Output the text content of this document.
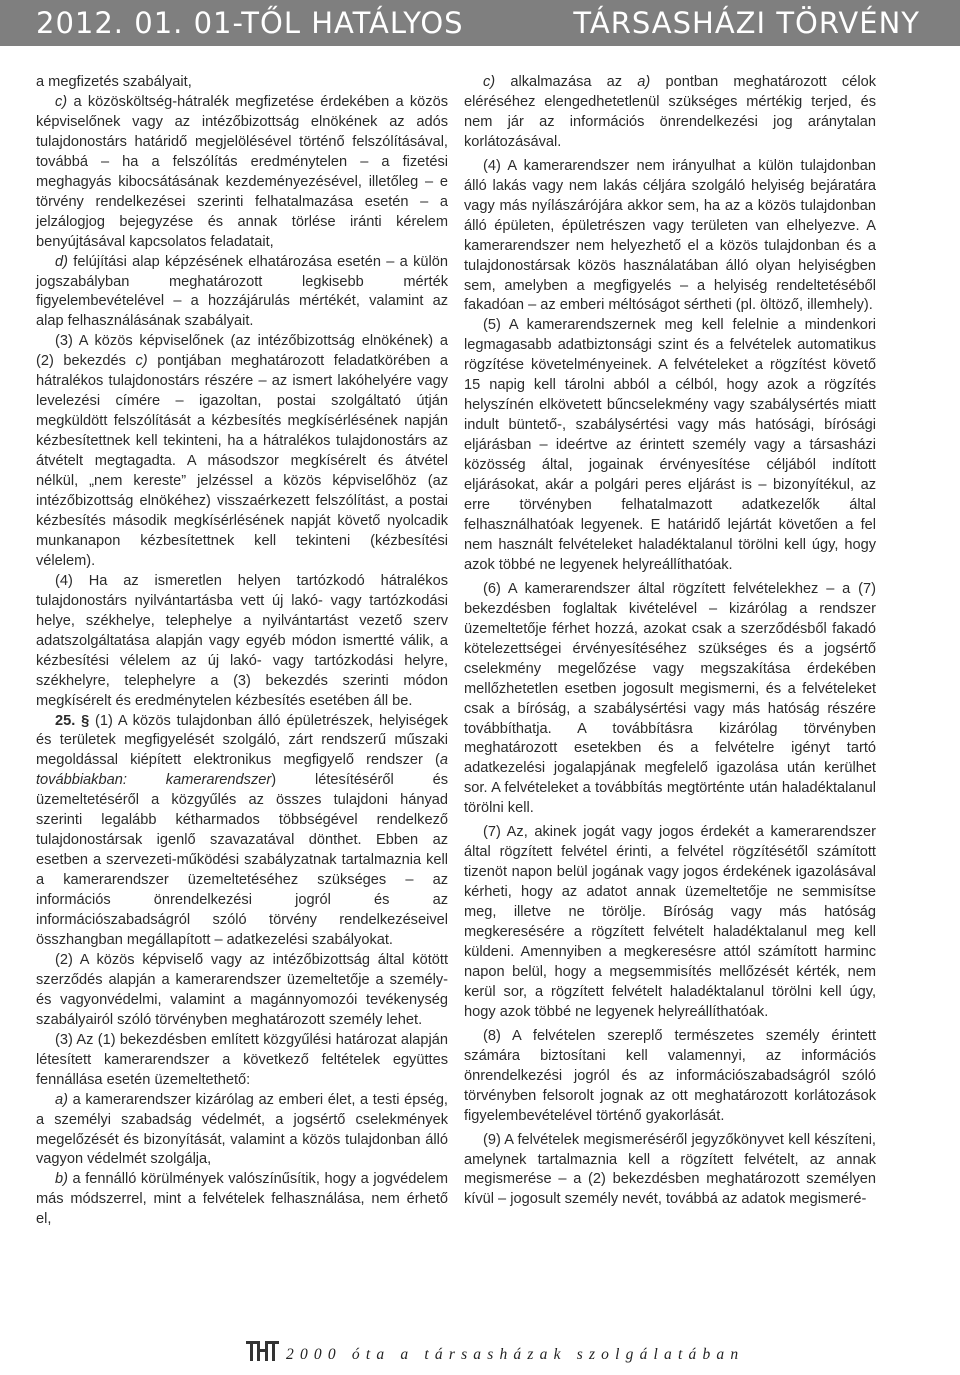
2012. 01. 01-TŐL HATÁLYOS	TÁRSASHÁZI TÖRVÉNY

a megfizetés szabályait,

c) a közösköltség-hátralék megfizetése érdekében a közös képviselőnek vagy az intézőbizottság elnökének az adós tulajdonostárs határidő megjelölésével történő felszólításával, továbbá – ha a felszólítás eredménytelen – a fizetési meghagyás kibocsátásának kezdeményezésével, illetőleg – e törvény rendelkezései szerinti felhatalmazása esetén – a jelzálogjog bejegyzése és annak törlése iránti kérelem benyújtásával kapcsolatos feladatait,

d) felújítási alap képzésének elhatározása esetén – a külön jogszabályban meghatározott legkisebb mérték figyelembevételével – a hozzájárulás mértékét, valamint az alap felhasználásának szabályait.

(3) A közös képviselőnek (az intézőbizottság elnökének) a (2) bekezdés c) pontjában meghatározott feladatkörében a hátralékos tulajdonostárs részére – az ismert lakóhelyére vagy levelezési címére – igazoltan, postai szolgáltató útján megküldött felszólítását a kézbesítés megkísérlésének napján kézbesítettnek kell tekinteni, ha a hátralékos tulajdonostárs az átvételt megtagadta. A másodszor megkísérelt és átvétel nélkül, „nem kereste” jelzéssel a közös képviselőhöz (az intézőbizottság elnökéhez) visszaérkezett felszólítást, a postai kézbesítés második megkísérlésének napját követő nyolcadik munkanapon kézbesítettnek kell tekinteni (kézbesítési vélelem).

(4) Ha az ismeretlen helyen tartózkodó hátralékos tulajdonostárs nyilvántartásba vett új lakó- vagy tartózkodási helye, székhelye, telephelye a nyilvántartást vezető szerv adatszolgáltatása alapján vagy egyéb módon ismertté válik, a kézbesítési vélelem az új lakó- vagy tartózkodási helyre, székhelyre, telephelyre a (3) bekezdés szerinti módon megkísérelt és eredménytelen kézbesítés esetében áll be.

25. § (1) A közös tulajdonban álló épületrészek, helyiségek és területek megfigyelését szolgáló, zárt rendszerű műszaki megoldással kiépített elektronikus megfigyelő rendszer (a továbbiakban: kamerarendszer) létesítéséről és üzemeltetéséről a közgyűlés az összes tulajdoni hányad szerinti legalább kétharmados többségével rendelkező tulajdonostársak igenlő szavazatával dönthet. Ebben az esetben a szervezeti-működési szabályzatnak tartalmaznia kell a kamerarendszer üzemeltetéséhez szükséges – az információs önrendelkezési jogról és az információszabadságról szóló törvény rendelkezéseivel összhangban megállapított – adatkezelési szabályokat.

(2) A közös képviselő vagy az intézőbizottság által kötött szerződés alapján a kamerarendszer üzemeltetője a személy- és vagyonvédelmi, valamint a magánnyomozói tevékenység szabályairól szóló törvényben meghatározott személy lehet.

(3) Az (1) bekezdésben említett közgyűlési határozat alapján létesített kamerarendszer a következő feltételek együttes fennállása esetén üzemeltethető:

a) a kamerarendszer kizárólag az emberi élet, a testi épség, a személyi szabadság védelmét, a jogsértő cselekmények megelőzését és bizonyítását, valamint a közös tulajdonban álló vagyon védelmét szolgálja,

b) a fennálló körülmények valószínűsítik, hogy a jogvédelem más módszerrel, mint a felvételek felhasználása, nem érhető el,

c) alkalmazása az a) pontban meghatározott célok eléréséhez elengedhetetlenül szükséges mértékig terjed, és nem jár az információs önrendelkezési jog aránytalan korlátozásával.

(4) A kamerarendszer nem irányulhat a külön tulajdonban álló lakás vagy nem lakás céljára szolgáló helyiség bejáratára vagy más nyílászárójára akkor sem, ha az a közös tulajdonban álló épületen, épületrészen vagy területen van elhelyezve. A kamerarendszer nem helyezhető el a közös tulajdonban és a tulajdonostársak közös használatában álló olyan helyiségben sem, amelyben a megfigyelés – a helyiség rendeltetéséből fakadóan – az emberi méltóságot sértheti (pl. öltöző, illemhely).

(5) A kamerarendszernek meg kell felelnie a mindenkori legmagasabb adatbiztonsági szint és a felvételek automatikus rögzítése követelményeinek. A felvételeket a rögzítést követő 15 napig kell tárolni abból a célból, hogy azok a rögzítés helyszínén elkövetett bűncselekmény vagy szabálysértés miatt indult büntető-, szabálysértési vagy más hatósági, bírósági eljárásban – ideértve az érintett személy vagy a társasházi közösség által, jogainak érvényesítése céljából indított eljárásokat, akár a polgári peres eljárást is – bizonyítékul, az erre törvényben felhatalmazott adatkezelők által felhasználhatóak legyenek. E határidő lejártát követően a fel nem használt felvételeket haladéktalanul törölni kell úgy, hogy azok többé ne legyenek helyreállíthatóak.

(6) A kamerarendszer által rögzített felvételekhez – a (7) bekezdésben foglaltak kivételével – kizárólag a rendszer üzemeltetője férhet hozzá, azokat csak a szerződésből fakadó kötelezettségei érvényesítéséhez szükséges és a jogsértő cselekmény megelőzése vagy megszakítása érdekében mellőzhetetlen esetben jogosult megismerni, és a felvételeket csak a bíróság, a szabálysértési vagy más hatóság részére továbbíthatja. A továbbításra kizárólag törvényben meghatározott esetekben és a felvételre igényt tartó adatkezelési jogalapjának megfelelő igazolása után kerülhet sor. A felvételeket a továbbítás megtörténte után haladéktalanul törölni kell.

(7) Az, akinek jogát vagy jogos érdekét a kamerarendszer által rögzített felvétel érinti, a felvétel rögzítésétől számított tizenöt napon belül jogának vagy jogos érdekének igazolásával kérheti, hogy az adatot annak üzemeltetője ne semmisítse meg, illetve ne törölje. Bíróság vagy más hatóság megkeresésére a rögzített felvételt haladéktalanul meg kell küldeni. Amennyiben a megkeresésre attól számított harminc napon belül, hogy a megsemmisítés mellőzését kérték, nem kerül sor, a rögzített felvételt haladéktalanul törölni kell úgy, hogy azok többé ne legyenek helyreállíthatóak.

(8) A felvételen szereplő természetes személy érintett számára biztosítani kell valamennyi, az információs önrendelkezési jogról és az információszabadságról szóló törvényben felsorolt jognak az ott meghatározott korlátozások figyelembevételével történő gyakorlását.

(9) A felvételek megismeréséről jegyzőkönyvet kell készíteni, amelynek tartalmaznia kell a rögzített felvételt, az annak megismerése – a (2) bekezdésben meghatározott személyen kívül – jogosult személy nevét, továbbá az adatok megismeré-

2000 óta a társasházak szolgálatában
